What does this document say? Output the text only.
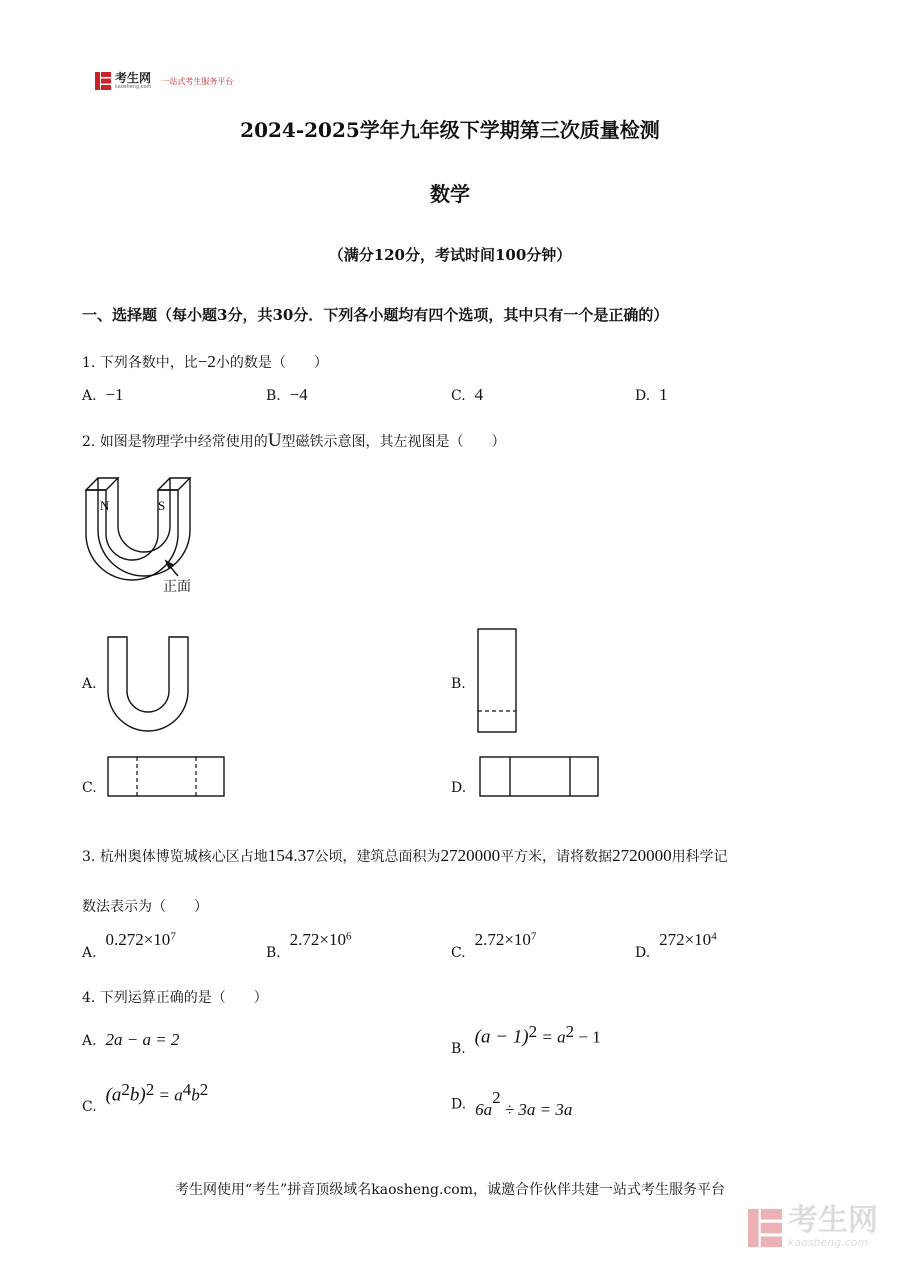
考生网
kaosheng.com
一站式考生服务平台
2024-2025学年九年级下学期第三次质量检测
数学
（满分120分，考试时间100分钟）
一、选择题（每小题3分，共30分．下列各小题均有四个选项，其中只有一个是正确的）
1. 下列各数中，比−2小的数是（　　）
A. −1	B. −4	C. 4	D. 1
2. 如图是物理学中经常使用的U型磁铁示意图，其左视图是（　　）
N	S
正面
A.	B.
C.	D.
3. 杭州奥体博览城核心区占地154.37公顷，建筑总面积为2720000平方米，请将数据2720000用科学记
数法表示为（　　）
A.  $0.272\times 10^7$
B.  $2.72\times 10^6$
C.  $2.72\times 10^7$
D.  $272\times 10^4$
4. 下列运算正确的是（　　）
A. 2a − a = 2	B.  $(a - 1)^2 = a^2 - 1$
C.  $(a^2b)^2 = a^4b^2$
D. $6a^2 \div 3a = 3a$
考生网使用“考生”拼音顶级域名kaosheng.com，诚邀合作伙伴共建一站式考生服务平台
考生网
kaosheng.com
